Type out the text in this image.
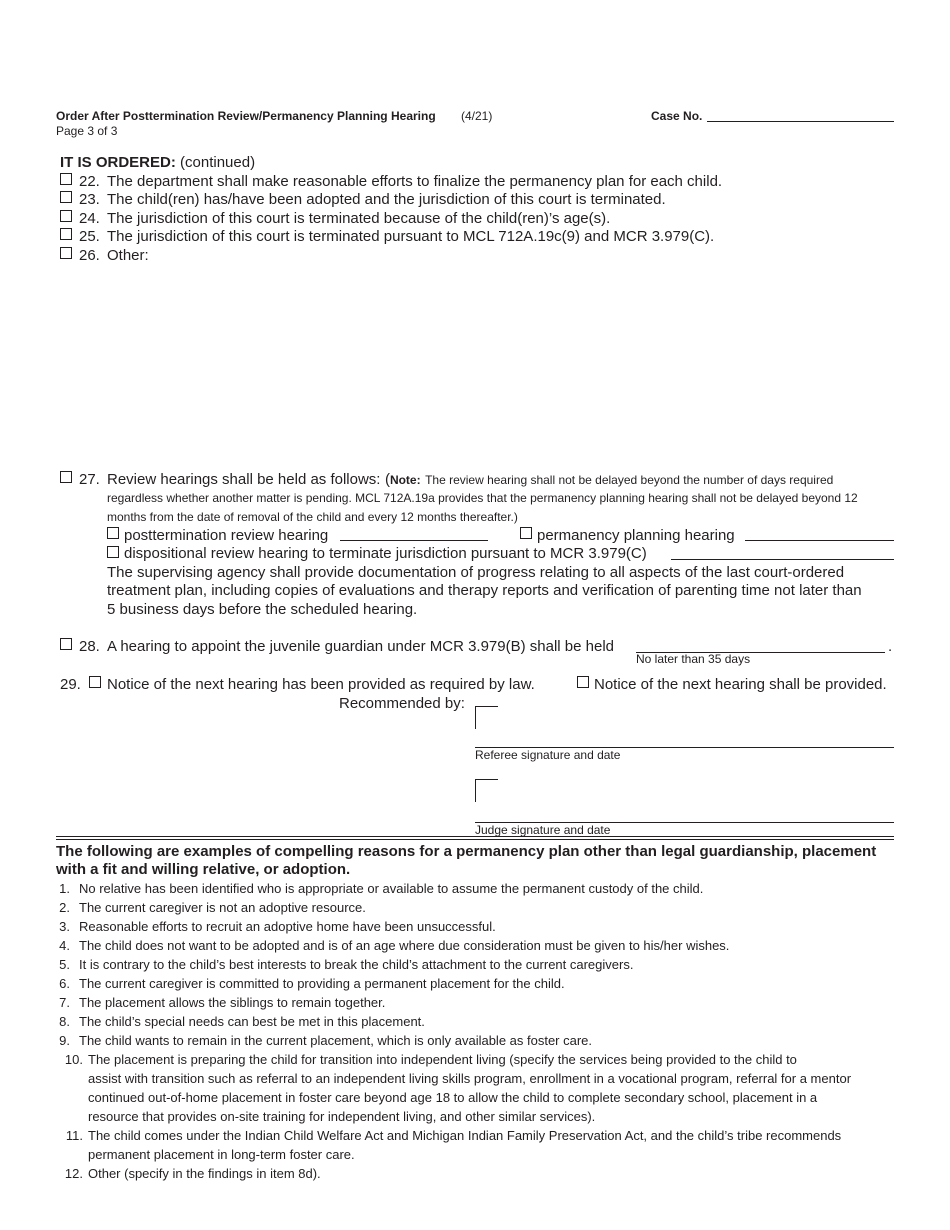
Order After Posttermination Review/Permanency Planning Hearing (4/21)
Page 3 of 3
Case No.
IT IS ORDERED: (continued)
22. The department shall make reasonable efforts to finalize the permanency plan for each child.
23. The child(ren) has/have been adopted and the jurisdiction of this court is terminated.
24. The jurisdiction of this court is terminated because of the child(ren)’s age(s).
25. The jurisdiction of this court is terminated pursuant to MCL 712A.19c(9) and MCR 3.979(C).
26. Other:
27. Review hearings shall be held as follows: (Note: The review hearing shall not be delayed beyond the number of days required
regardless whether another matter is pending. MCL 712A.19a provides that the permanency planning hearing shall not be delayed beyond 12
months from the date of removal of the child and every 12 months thereafter.)
posttermination review hearing	permanency planning hearing
dispositional review hearing to terminate jurisdiction pursuant to MCR 3.979(C)
The supervising agency shall provide documentation of progress relating to all aspects of the last court-ordered
treatment plan, including copies of evaluations and therapy reports and verification of parenting time not later than
5 business days before the scheduled hearing.
28. A hearing to appoint the juvenile guardian under MCR 3.979(B) shall be held	.
No later than 35 days
29. Notice of the next hearing has been provided as required by law.	Notice of the next hearing shall be provided.
Recommended by:
Referee signature and date
Judge signature and date
The following are examples of compelling reasons for a permanency plan other than legal guardianship, placement
with a fit and willing relative, or adoption.
1. No relative has been identified who is appropriate or available to assume the permanent custody of the child.
2. The current caregiver is not an adoptive resource.
3. Reasonable efforts to recruit an adoptive home have been unsuccessful.
4. The child does not want to be adopted and is of an age where due consideration must be given to his/her wishes.
5. It is contrary to the child’s best interests to break the child’s attachment to the current caregivers.
6. The current caregiver is committed to providing a permanent placement for the child.
7. The placement allows the siblings to remain together.
8. The child’s special needs can best be met in this placement.
9. The child wants to remain in the current placement, which is only available as foster care.
10. The placement is preparing the child for transition into independent living (specify the services being provided to the child to
assist with transition such as referral to an independent living skills program, enrollment in a vocational program, referral for a mentor
continued out-of-home placement in foster care beyond age 18 to allow the child to complete secondary school, placement in a
resource that provides on-site training for independent living, and other similar services).
11. The child comes under the Indian Child Welfare Act and Michigan Indian Family Preservation Act, and the child’s tribe recommends
permanent placement in long-term foster care.
12. Other (specify in the findings in item 8d).
